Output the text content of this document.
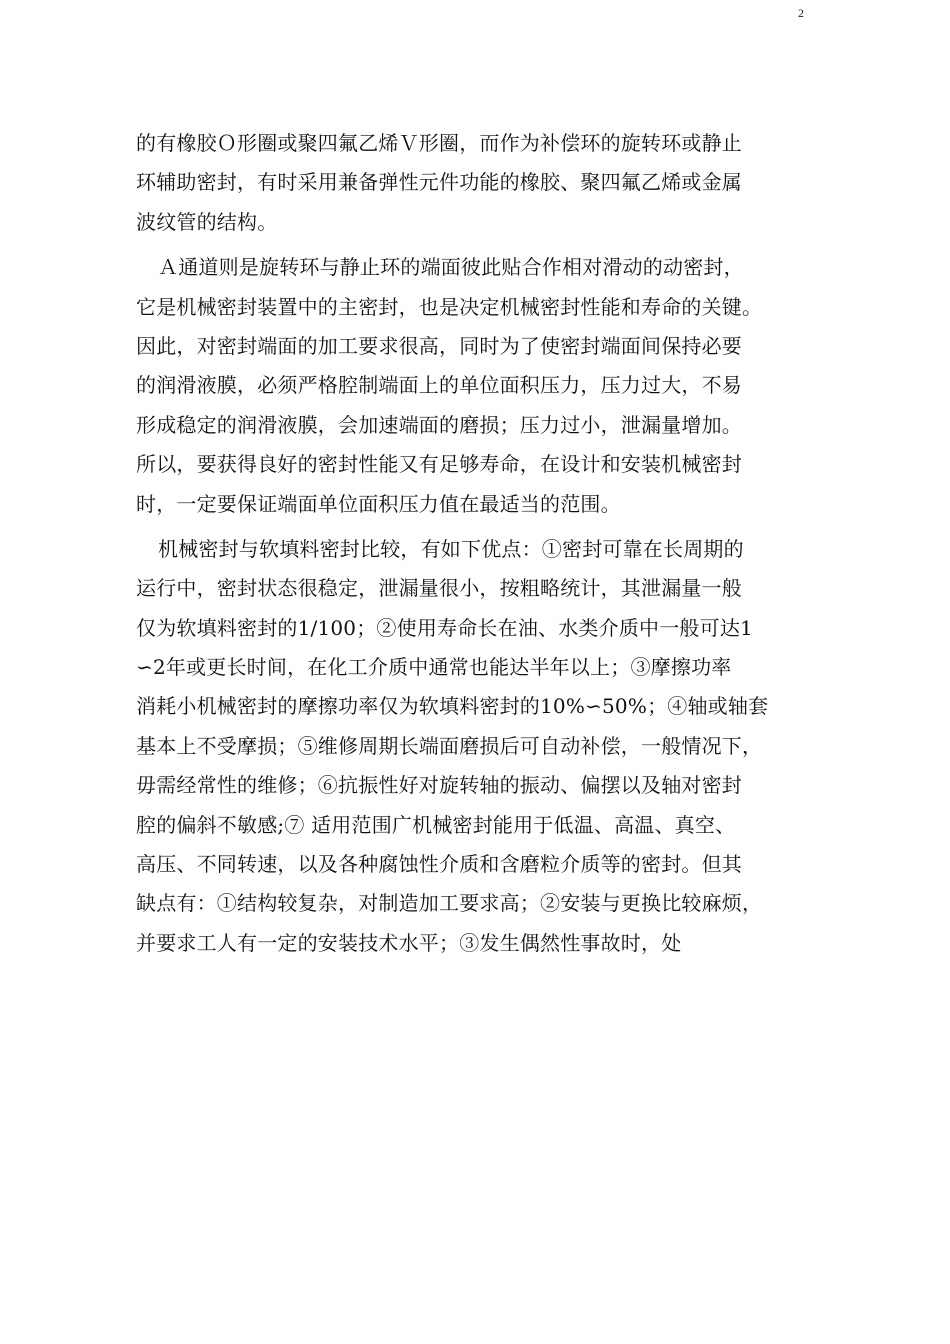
2
的有橡胶Ｏ形圈或聚四氟乙烯Ｖ形圈，而作为补偿环的旋转环或静止
环辅助密封，有时采用兼备弹性元件功能的橡胶、聚四氟乙烯或金属
波纹管的结构。
Ａ通道则是旋转环与静止环的端面彼此贴合作相对滑动的动密封，
它是机械密封装置中的主密封，也是决定机械密封性能和寿命的关键。
因此，对密封端面的加工要求很高，同时为了使密封端面间保持必要
的润滑液膜，必须严格腔制端面上的单位面积压力，压力过大，不易
形成稳定的润滑液膜，会加速端面的磨损；压力过小，泄漏量增加。
所以，要获得良好的密封性能又有足够寿命，在设计和安装机械密封
时，一定要保证端面单位面积压力值在最适当的范围。
机械密封与软填料密封比较，有如下优点：①密封可靠在长周期的
运行中，密封状态很稳定，泄漏量很小，按粗略统计，其泄漏量一般
仅为软填料密封的1/100；②使用寿命长在油、水类介质中一般可达1
∽2年或更长时间，在化工介质中通常也能达半年以上；③摩擦功率
消耗小机械密封的摩擦功率仅为软填料密封的10%∽50%；④轴或轴套
基本上不受摩损；⑤维修周期长端面磨损后可自动补偿，一般情况下，
毋需经常性的维修；⑥抗振性好对旋转轴的振动、偏摆以及轴对密封
腔的偏斜不敏感;⑦ 适用范围广机械密封能用于低温、高温、真空、
高压、不同转速，以及各种腐蚀性介质和含磨粒介质等的密封。但其
缺点有：①结构较复杂，对制造加工要求高；②安装与更换比较麻烦，
并要求工人有一定的安装技术水平；③发生偶然性事故时，处
